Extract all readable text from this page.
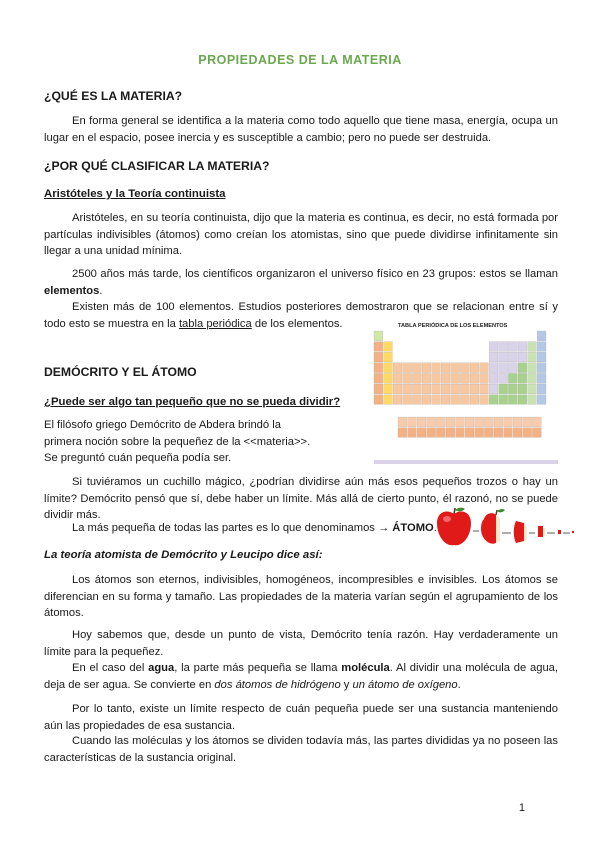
PROPIEDADES DE LA MATERIA
¿QUÉ ES LA MATERIA?
En forma general se identifica a la materia como todo aquello que tiene masa, energía, ocupa un lugar en el espacio, posee inercia y es susceptible a cambio; pero no puede ser destruida.
¿POR QUÉ CLASIFICAR LA MATERIA?
Aristóteles y la Teoría continuista
Aristóteles, en su teoría continuista, dijo que la materia es continua, es decir, no está formada por partículas indivisibles (átomos) como creían los atomistas, sino que puede dividirse infinitamente sin llegar a una unidad mínima.
2500 años más tarde, los científicos organizaron el universo físico en 23 grupos: estos se llaman elementos.
Existen más de 100 elementos. Estudios posteriores demostraron que se relacionan entre sí y todo esto se muestra en la tabla periódica de los elementos.	TABLA PERIÓDICA DE LOS ELEMENTOS
DEMÓCRITO Y EL ÁTOMO
¿Puede ser algo tan pequeño que no se pueda dividir?
El filósofo griego Demócrito de Abdera brindó la primera noción sobre la pequeñez de la <<materia>>. Se preguntó cuán pequeña podía ser.
Si tuviéramos un cuchillo mágico, ¿podrían dividirse aún más esos pequeños trozos o hay un límite? Demócrito pensó que sí, debe haber un límite. Más allá de cierto punto, él razonó, no se puede dividir más.
La más pequeña de todas las partes es lo que denominamos → ÁTOMO.
La teoría atomista de Demócrito y Leucipo dice así:
Los átomos son eternos, indivisibles, homogéneos, incompresibles e invisibles. Los átomos se diferencian en su forma y tamaño. Las propiedades de la materia varían según el agrupamiento de los átomos.
Hoy sabemos que, desde un punto de vista, Demócrito tenía razón. Hay verdaderamente un límite para la pequeñez.
En el caso del agua, la parte más pequeña se llama molécula. Al dividir una molécula de agua, deja de ser agua. Se convierte en dos átomos de hidrógeno y un átomo de oxígeno.
Por lo tanto, existe un límite respecto de cuán pequeña puede ser una sustancia manteniendo aún las propiedades de esa sustancia.
Cuando las moléculas y los átomos se dividen todavía más, las partes divididas ya no poseen las características de la sustancia original.
1
